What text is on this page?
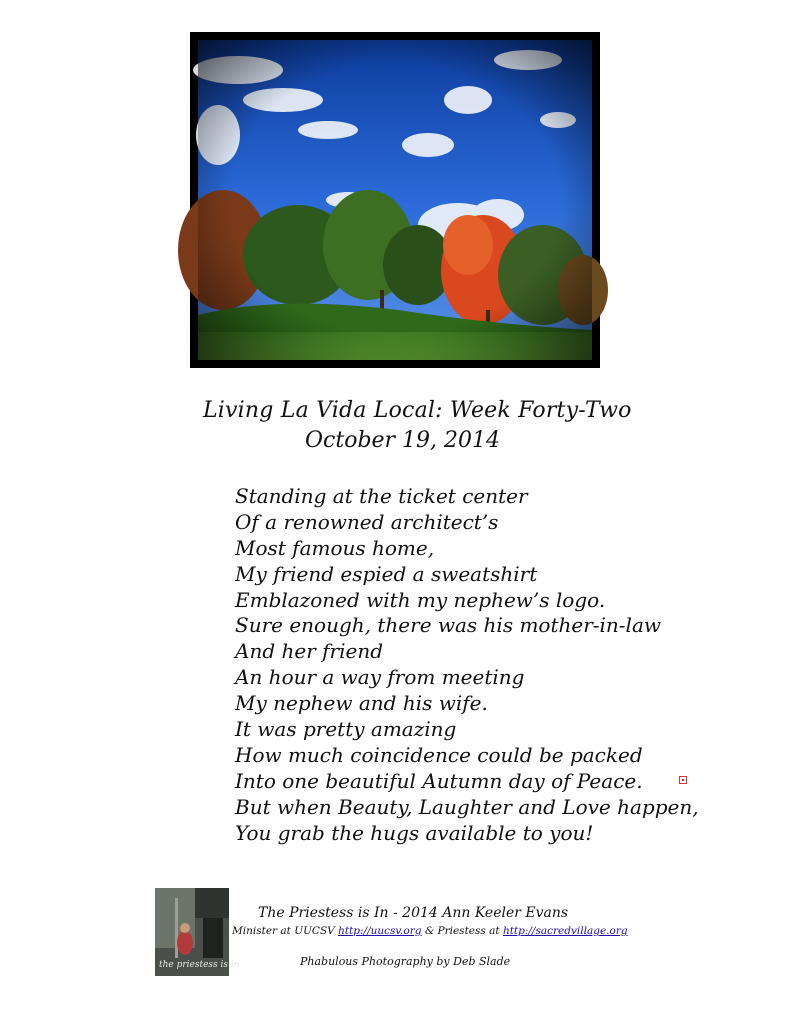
Living La Vida Local: Week Forty-Two
October 19, 2014
Standing at the ticket center
Of a renowned architect’s
Most famous home,
My friend espied a sweatshirt
Emblazoned with my nephew’s logo.
Sure enough, there was his mother-in-law
And her friend
An hour a way from meeting
My nephew and his wife.
It was pretty amazing
How much coincidence could be packed
Into one beautiful Autumn day of Peace.
But when Beauty, Laughter and Love happen,
You grab the hugs available to you!
the priestess is in
The Priestess is In - 2014 Ann Keeler Evans
Minister at UUCSV http://uucsv.org & Priestess at http://sacredvillage.org
Phabulous Photography by Deb Slade
